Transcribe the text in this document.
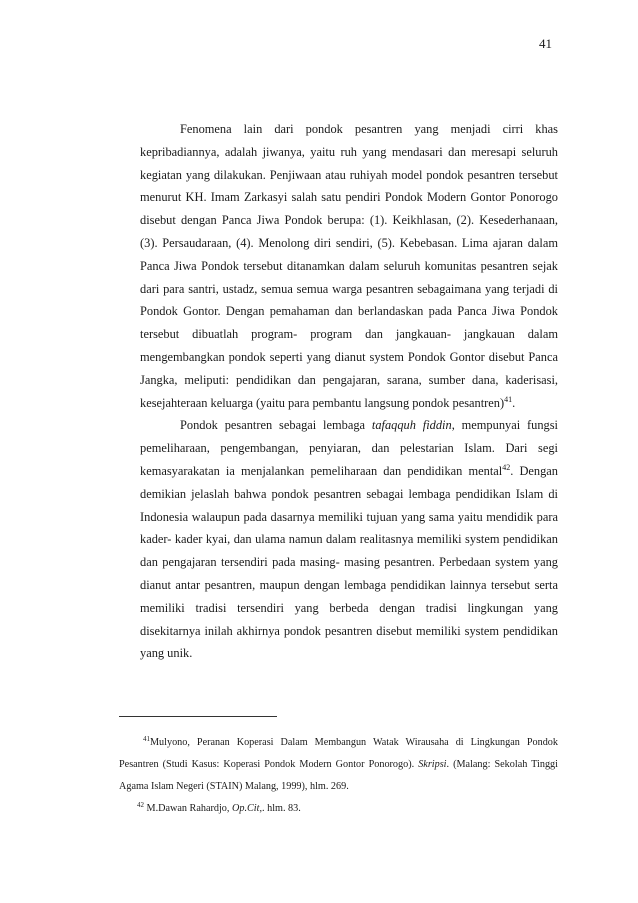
41

Fenomena lain dari pondok pesantren yang menjadi cirri khas kepribadiannya, adalah jiwanya, yaitu ruh yang mendasari dan meresapi seluruh kegiatan yang dilakukan. Penjiwaan atau ruhiyah model pondok pesantren tersebut menurut KH. Imam Zarkasyi salah satu pendiri Pondok Modern Gontor Ponorogo disebut dengan Panca Jiwa Pondok berupa: (1). Keikhlasan, (2). Kesederhanaan, (3). Persaudaraan, (4). Menolong diri sendiri, (5). Kebebasan. Lima ajaran dalam Panca Jiwa Pondok tersebut ditanamkan dalam seluruh komunitas pesantren sejak dari para santri, ustadz, semua semua warga pesantren sebagaimana yang terjadi di Pondok Gontor. Dengan pemahaman dan berlandaskan pada Panca Jiwa Pondok tersebut dibuatlah program- program dan jangkauan- jangkauan dalam mengembangkan pondok seperti yang dianut system Pondok Gontor disebut Panca Jangka, meliputi: pendidikan dan pengajaran, sarana, sumber dana, kaderisasi, kesejahteraan keluarga (yaitu para pembantu langsung pondok pesantren)$^{41}$.

Pondok pesantren sebagai lembaga tafaqquh fiddin, mempunyai fungsi pemeliharaan, pengembangan, penyiaran, dan pelestarian Islam. Dari segi kemasyarakatan ia menjalankan pemeliharaan dan pendidikan mental$^{42}$. Dengan demikian jelaslah bahwa pondok pesantren sebagai lembaga pendidikan Islam di Indonesia walaupun pada dasarnya memiliki tujuan yang sama yaitu mendidik para kader- kader kyai, dan ulama namun dalam realitasnya memiliki system pendidikan dan pengajaran tersendiri pada masing- masing pesantren. Perbedaan system yang dianut antar pesantren, maupun dengan lembaga pendidikan lainnya tersebut serta memiliki tradisi tersendiri yang berbeda dengan tradisi lingkungan yang disekitarnya inilah akhirnya pondok pesantren disebut memiliki system pendidikan yang unik.

$^{41}$Mulyono, Peranan Koperasi Dalam Membangun Watak Wirausaha di Lingkungan Pondok Pesantren (Studi Kasus: Koperasi Pondok Modern Gontor Ponorogo). Skripsi. (Malang: Sekolah Tinggi Agama Islam Negeri (STAIN) Malang, 1999), hlm. 269.

$^{42}$ M.Dawan Rahardjo, Op.Cit,. hlm. 83.
